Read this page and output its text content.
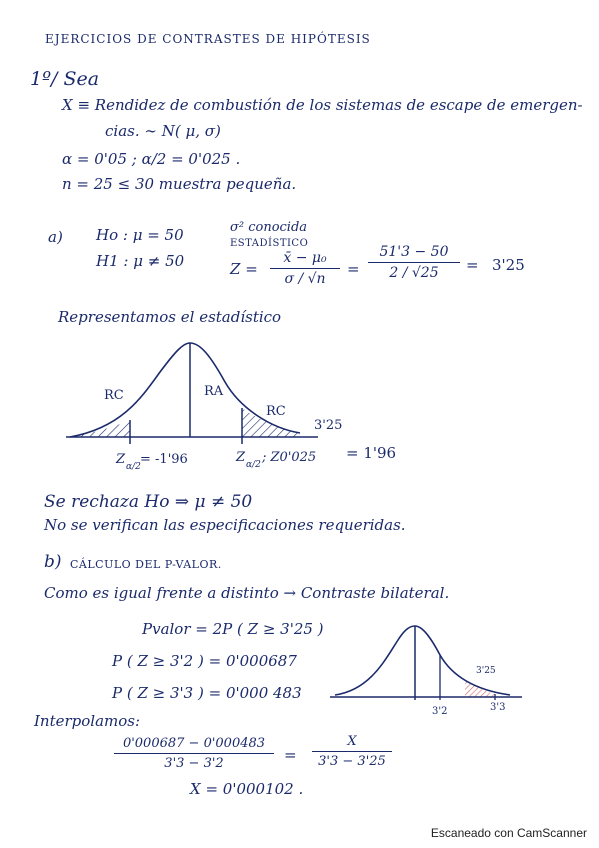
EJERCICIOS DE CONTRASTES DE HIPÓTESIS
1º/ Sea
X ≡ Rendidez de combustión de los sistemas de escape de emergen-
cias. ∼ N( μ, σ)
α = 0'05 ; α/2 = 0'025 .
n = 25 ≤ 30 muestra pequeña.
a) Ho : μ = 50
H1 : μ ≠ 50
σ² conocida
ESTADÍSTICO
Z =
x̄ − μ₀
σ / √n
=
51'3 − 50
2 / √25	= 3'25
Representamos el estadístico
RC	RA
RC
3'25
Z α/2 = -1'96	Z α/2 ; Z0'025 = 1'96
Se rechaza Ho ⇒ μ ≠ 50
No se verifican las especificaciones requeridas.
b) CÁLCULO DEL P-VALOR.
Como es igual frente a distinto → Contraste bilateral.
Pvalor = 2P ( Z ≥ 3'25 )
P ( Z ≥ 3'2 ) = 0'000687
P ( Z ≥ 3'3 ) = 0'000 483
3'25
3'2	3'3
Interpolamos:
0'000687 − 0'000483
3'3 − 3'2	=
X
3'3 − 3'25
X = 0'000102 .
Escaneado con CamScanner
